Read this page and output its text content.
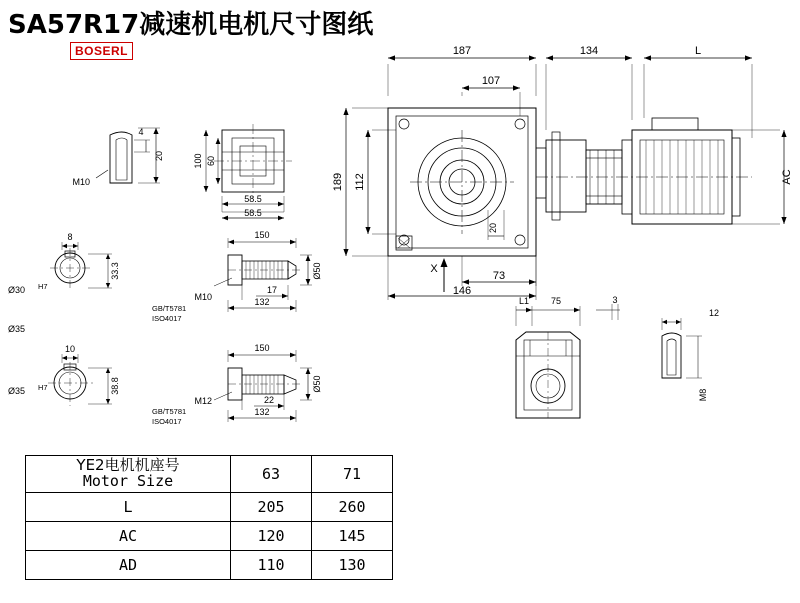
SA57R17减速机电机尺寸图纸
BOSERL	187
107
134	L
189 112
20
AC
146
73
X
20
4
M10
100 60
58.5
58.5
8
Ø30 H7
33.3
Ø35
10
Ø35 H7	38.8
150
M10
GB/T5781
ISO4017
17
132
Ø50
150
M12
GB/T5781
ISO4017
22
132
Ø50
L1 75	3
12
M8
YE2电机机座号
Motor Size	63	71
L	205	260
AC	120	145
AD	110	130
